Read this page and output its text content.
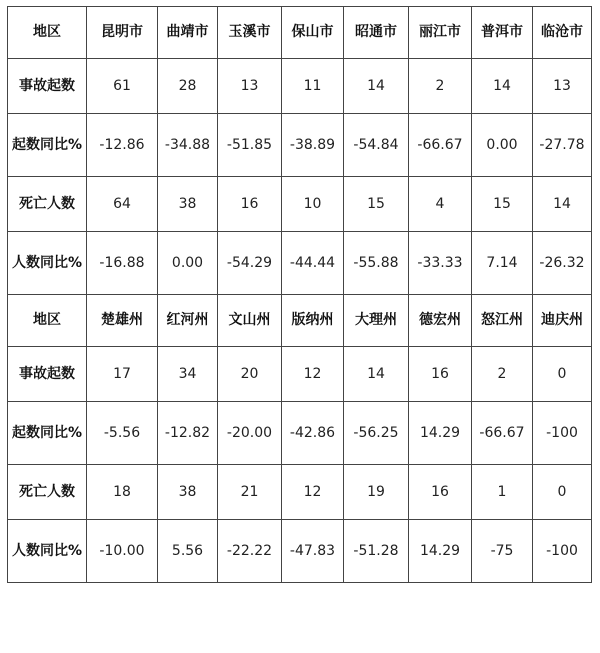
地区	昆明市	曲靖市	玉溪市	保山市	昭通市	丽江市	普洱市	临沧市
事故起数	61	28	13	11	14	2	14	13
起数同比%	-12.86	-34.88	-51.85	-38.89	-54.84	-66.67	0.00	-27.78
死亡人数	64	38	16	10	15	4	15	14
人数同比%	-16.88	0.00	-54.29	-44.44	-55.88	-33.33	7.14	-26.32
地区	楚雄州	红河州	文山州	版纳州	大理州	德宏州	怒江州	迪庆州
事故起数	17	34	20	12	14	16	2	0
起数同比%	-5.56	-12.82	-20.00	-42.86	-56.25	14.29	-66.67	-100
死亡人数	18	38	21	12	19	16	1	0
人数同比%	-10.00	5.56	-22.22	-47.83	-51.28	14.29	-75	-100
